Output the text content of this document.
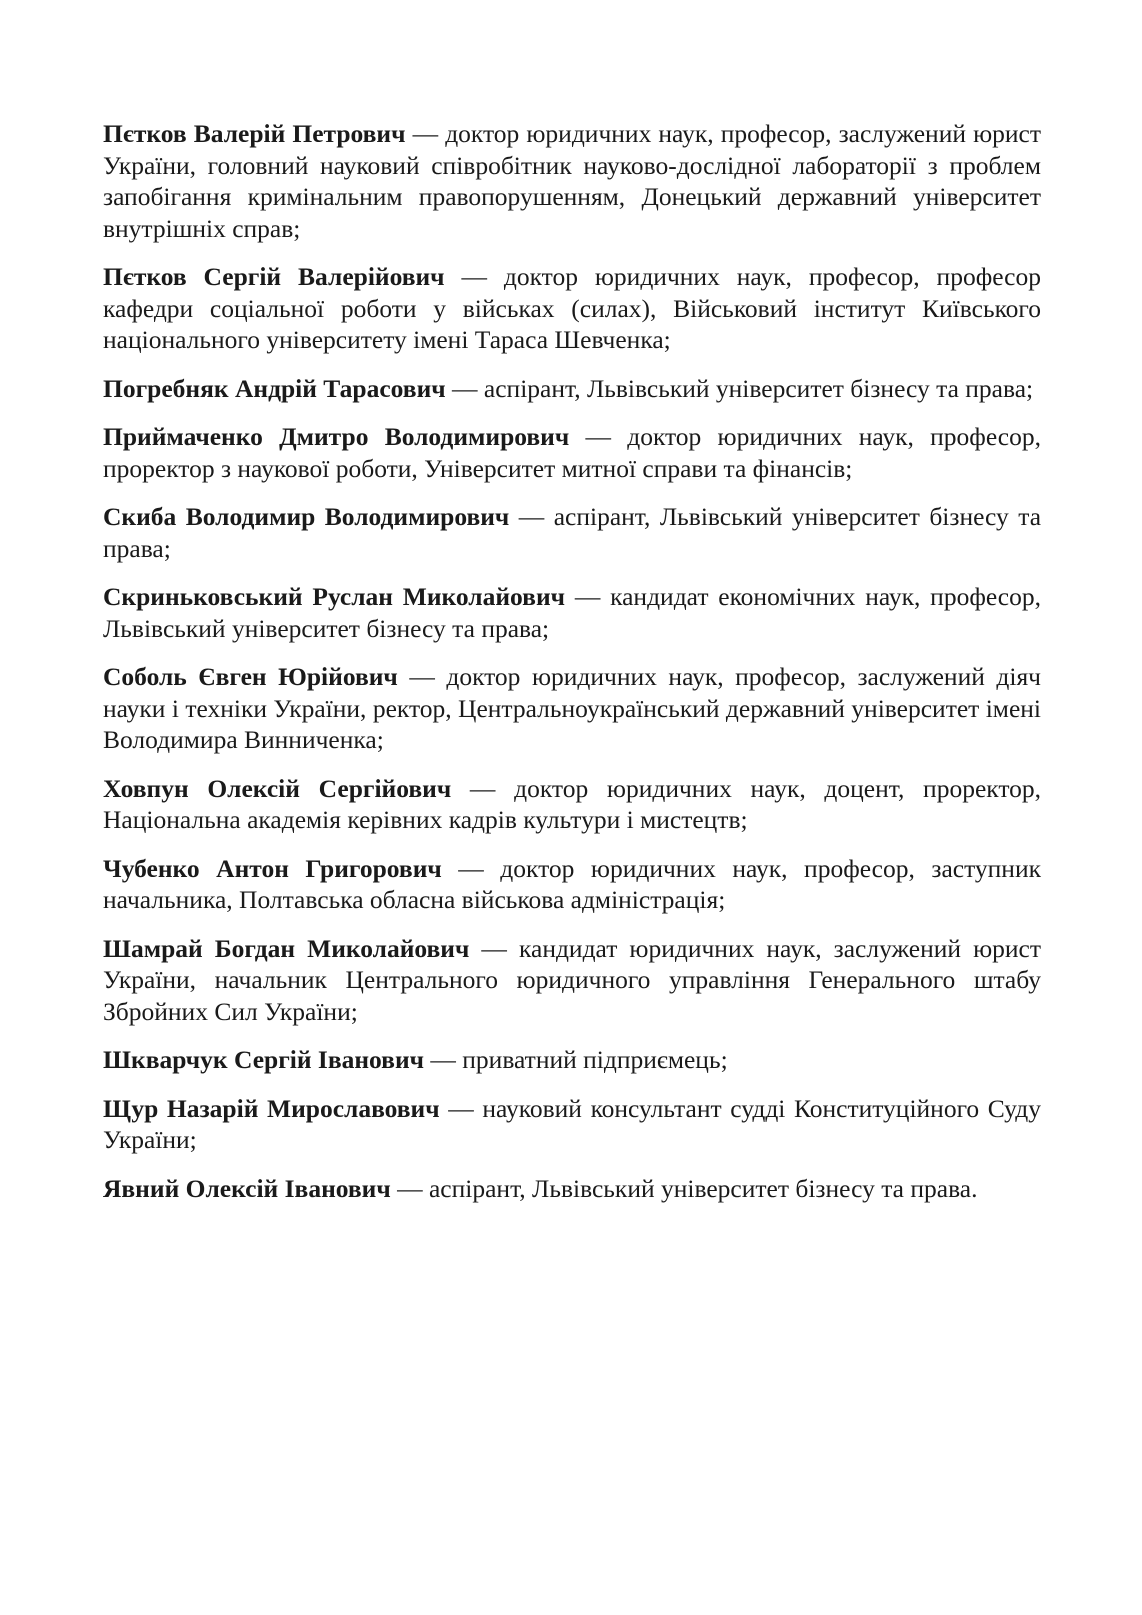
Пєтков Валерій Петрович — доктор юридичних наук, професор, заслужений юрист України, головний науковий співробітник науково-дослідної лабораторії з проблем запобігання кримінальним правопорушенням, Донецький державний університет внутрішніх справ;

Пєтков Сергій Валерійович — доктор юридичних наук, професор, професор кафедри соціальної роботи у військах (силах), Військовий інститут Київського національного університету імені Тараса Шевченка;

Погребняк Андрій Тарасович — аспірант, Львівський університет бізнесу та права;

Приймаченко Дмитро Володимирович — доктор юридичних наук, професор, проректор з наукової роботи, Університет митної справи та фінансів;

Скиба Володимир Володимирович — аспірант, Львівський університет бізнесу та права;

Скриньковський Руслан Миколайович — кандидат економічних наук, професор, Львівський університет бізнесу та права;

Соболь Євген Юрійович — доктор юридичних наук, професор, заслужений діяч науки і техніки України, ректор, Центральноукраїнський державний університет імені Володимира Винниченка;

Ховпун Олексій Сергійович — доктор юридичних наук, доцент, проректор, Національна академія керівних кадрів культури і мистецтв;

Чубенко Антон Григорович — доктор юридичних наук, професор, заступник начальника, Полтавська обласна військова адміністрація;

Шамрай Богдан Миколайович — кандидат юридичних наук, заслужений юрист України, начальник Центрального юридичного управління Генерального штабу Збройних Сил України;

Шкварчук Сергій Іванович — приватний підприємець;

Щур Назарій Мирославович — науковий консультант судді Конституційного Суду України;

Явний Олексій Іванович — аспірант, Львівський університет бізнесу та права.
